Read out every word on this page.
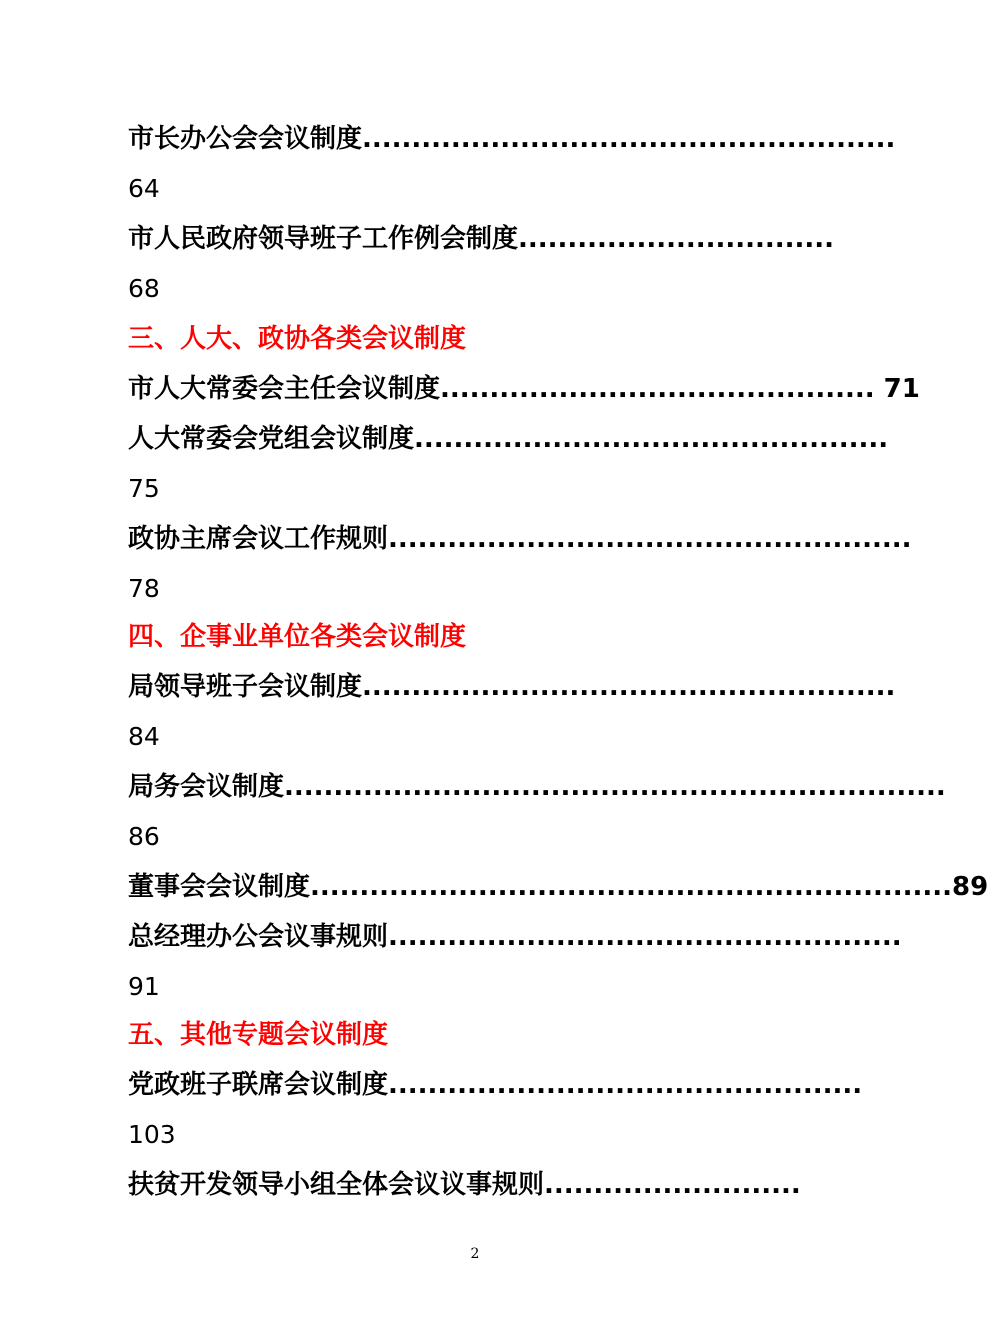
市长办公会会议制度......................................................
64
市人民政府领导班子工作例会制度................................
68
三、人大、政协各类会议制度
市人大常委会主任会议制度............................................ 71
人大常委会党组会议制度................................................
75
政协主席会议工作规则.....................................................
78
四、企事业单位各类会议制度
局领导班子会议制度......................................................
84
局务会议制度...................................................................
86
董事会会议制度.................................................................89
总经理办公会议事规则....................................................
91
五、其他专题会议制度
党政班子联席会议制度................................................
103
扶贫开发领导小组全体会议议事规则..........................
2
